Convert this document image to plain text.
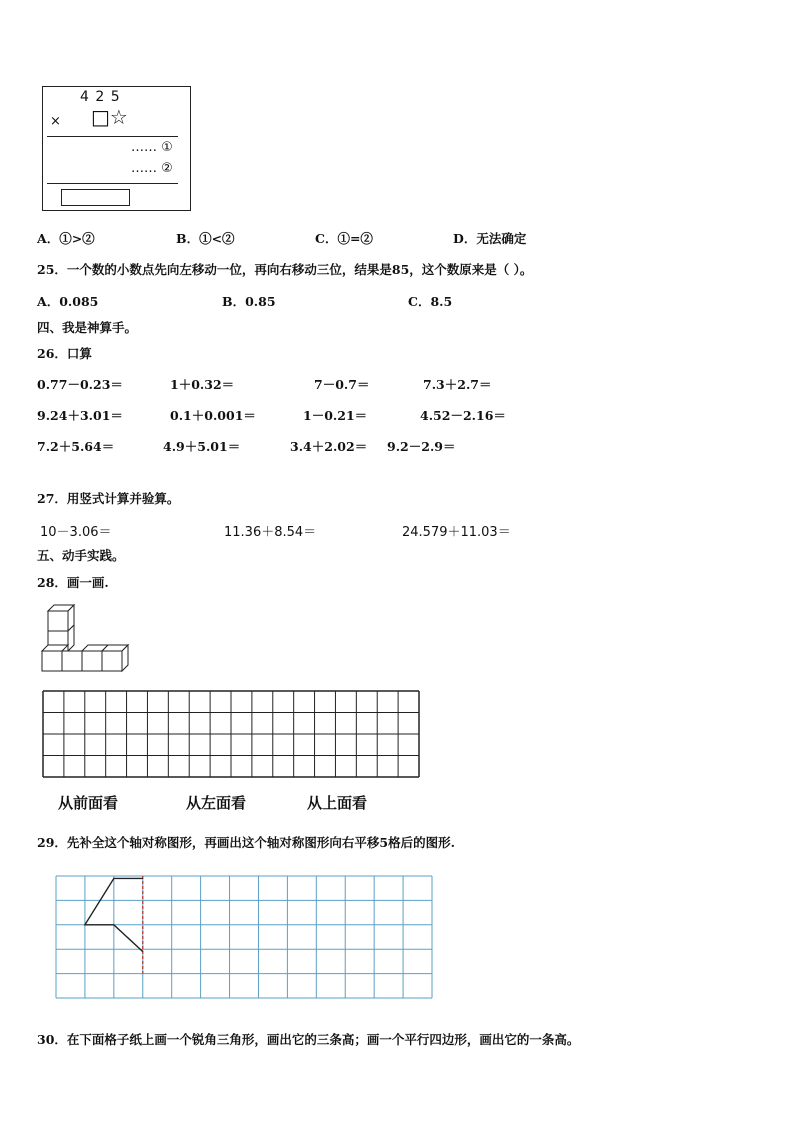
4 2 5
× □☆
…… ①
…… ②
A．①>②	B．①<②	C．①=②	D．无法确定
25．一个数的小数点先向左移动一位，再向右移动三位，结果是85，这个数原来是（ ）。
A．0.085	B．0.85	C．8.5
四、我是神算手。
26．口算
0.77－0.23＝	1＋0.32＝	7－0.7＝	7.3＋2.7＝
9.24＋3.01＝	0.1＋0.001＝	1－0.21＝	4.52－2.16＝
7.2＋5.64＝	4.9＋5.01＝	3.4＋2.02＝ 9.2－2.9＝
27．用竖式计算并验算。
10－3.06＝	11.36＋8.54＝	24.579＋11.03＝
五、动手实践。
28．画一画.
从前面看	从左面看	从上面看
29．先补全这个轴对称图形，再画出这个轴对称图形向右平移5格后的图形.
30．在下面格子纸上画一个锐角三角形，画出它的三条高；画一个平行四边形，画出它的一条高。
